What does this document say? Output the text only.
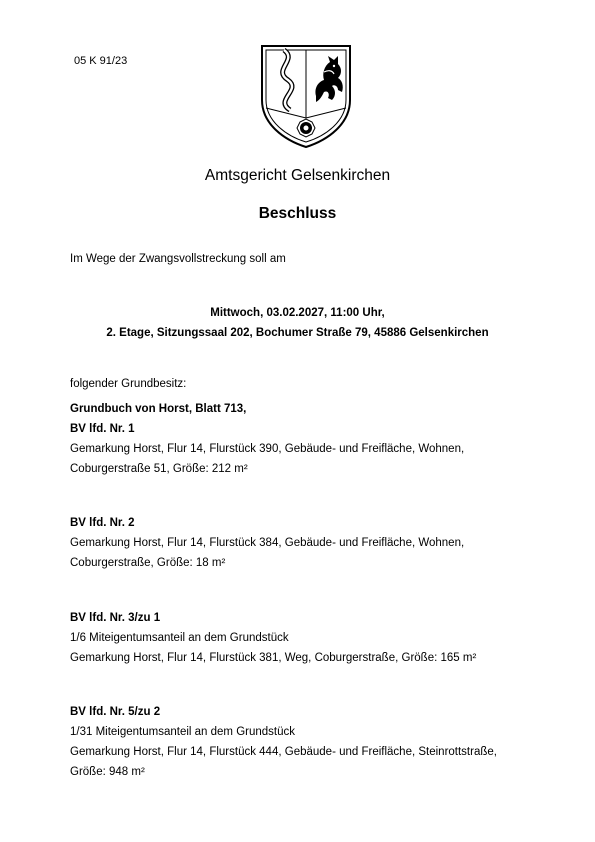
05 K 91/23
Amtsgericht Gelsenkirchen
Beschluss
Im Wege der Zwangsvollstreckung soll am
Mittwoch, 03.02.2027, 11:00 Uhr,
2. Etage, Sitzungssaal 202, Bochumer Straße 79, 45886 Gelsenkirchen
folgender Grundbesitz:
Grundbuch von Horst, Blatt 713,
BV lfd. Nr. 1
Gemarkung Horst, Flur 14, Flurstück 390, Gebäude- und Freifläche, Wohnen,
Coburgerstraße 51, Größe: 212 m²
BV lfd. Nr. 2
Gemarkung Horst, Flur 14, Flurstück 384, Gebäude- und Freifläche, Wohnen,
Coburgerstraße, Größe: 18 m²
BV lfd. Nr. 3/zu 1
1/6 Miteigentumsanteil an dem Grundstück
Gemarkung Horst, Flur 14, Flurstück 381, Weg, Coburgerstraße, Größe: 165 m²
BV lfd. Nr. 5/zu 2
1/31 Miteigentumsanteil an dem Grundstück
Gemarkung Horst, Flur 14, Flurstück 444, Gebäude- und Freifläche, Steinrottstraße,
Größe: 948 m²
